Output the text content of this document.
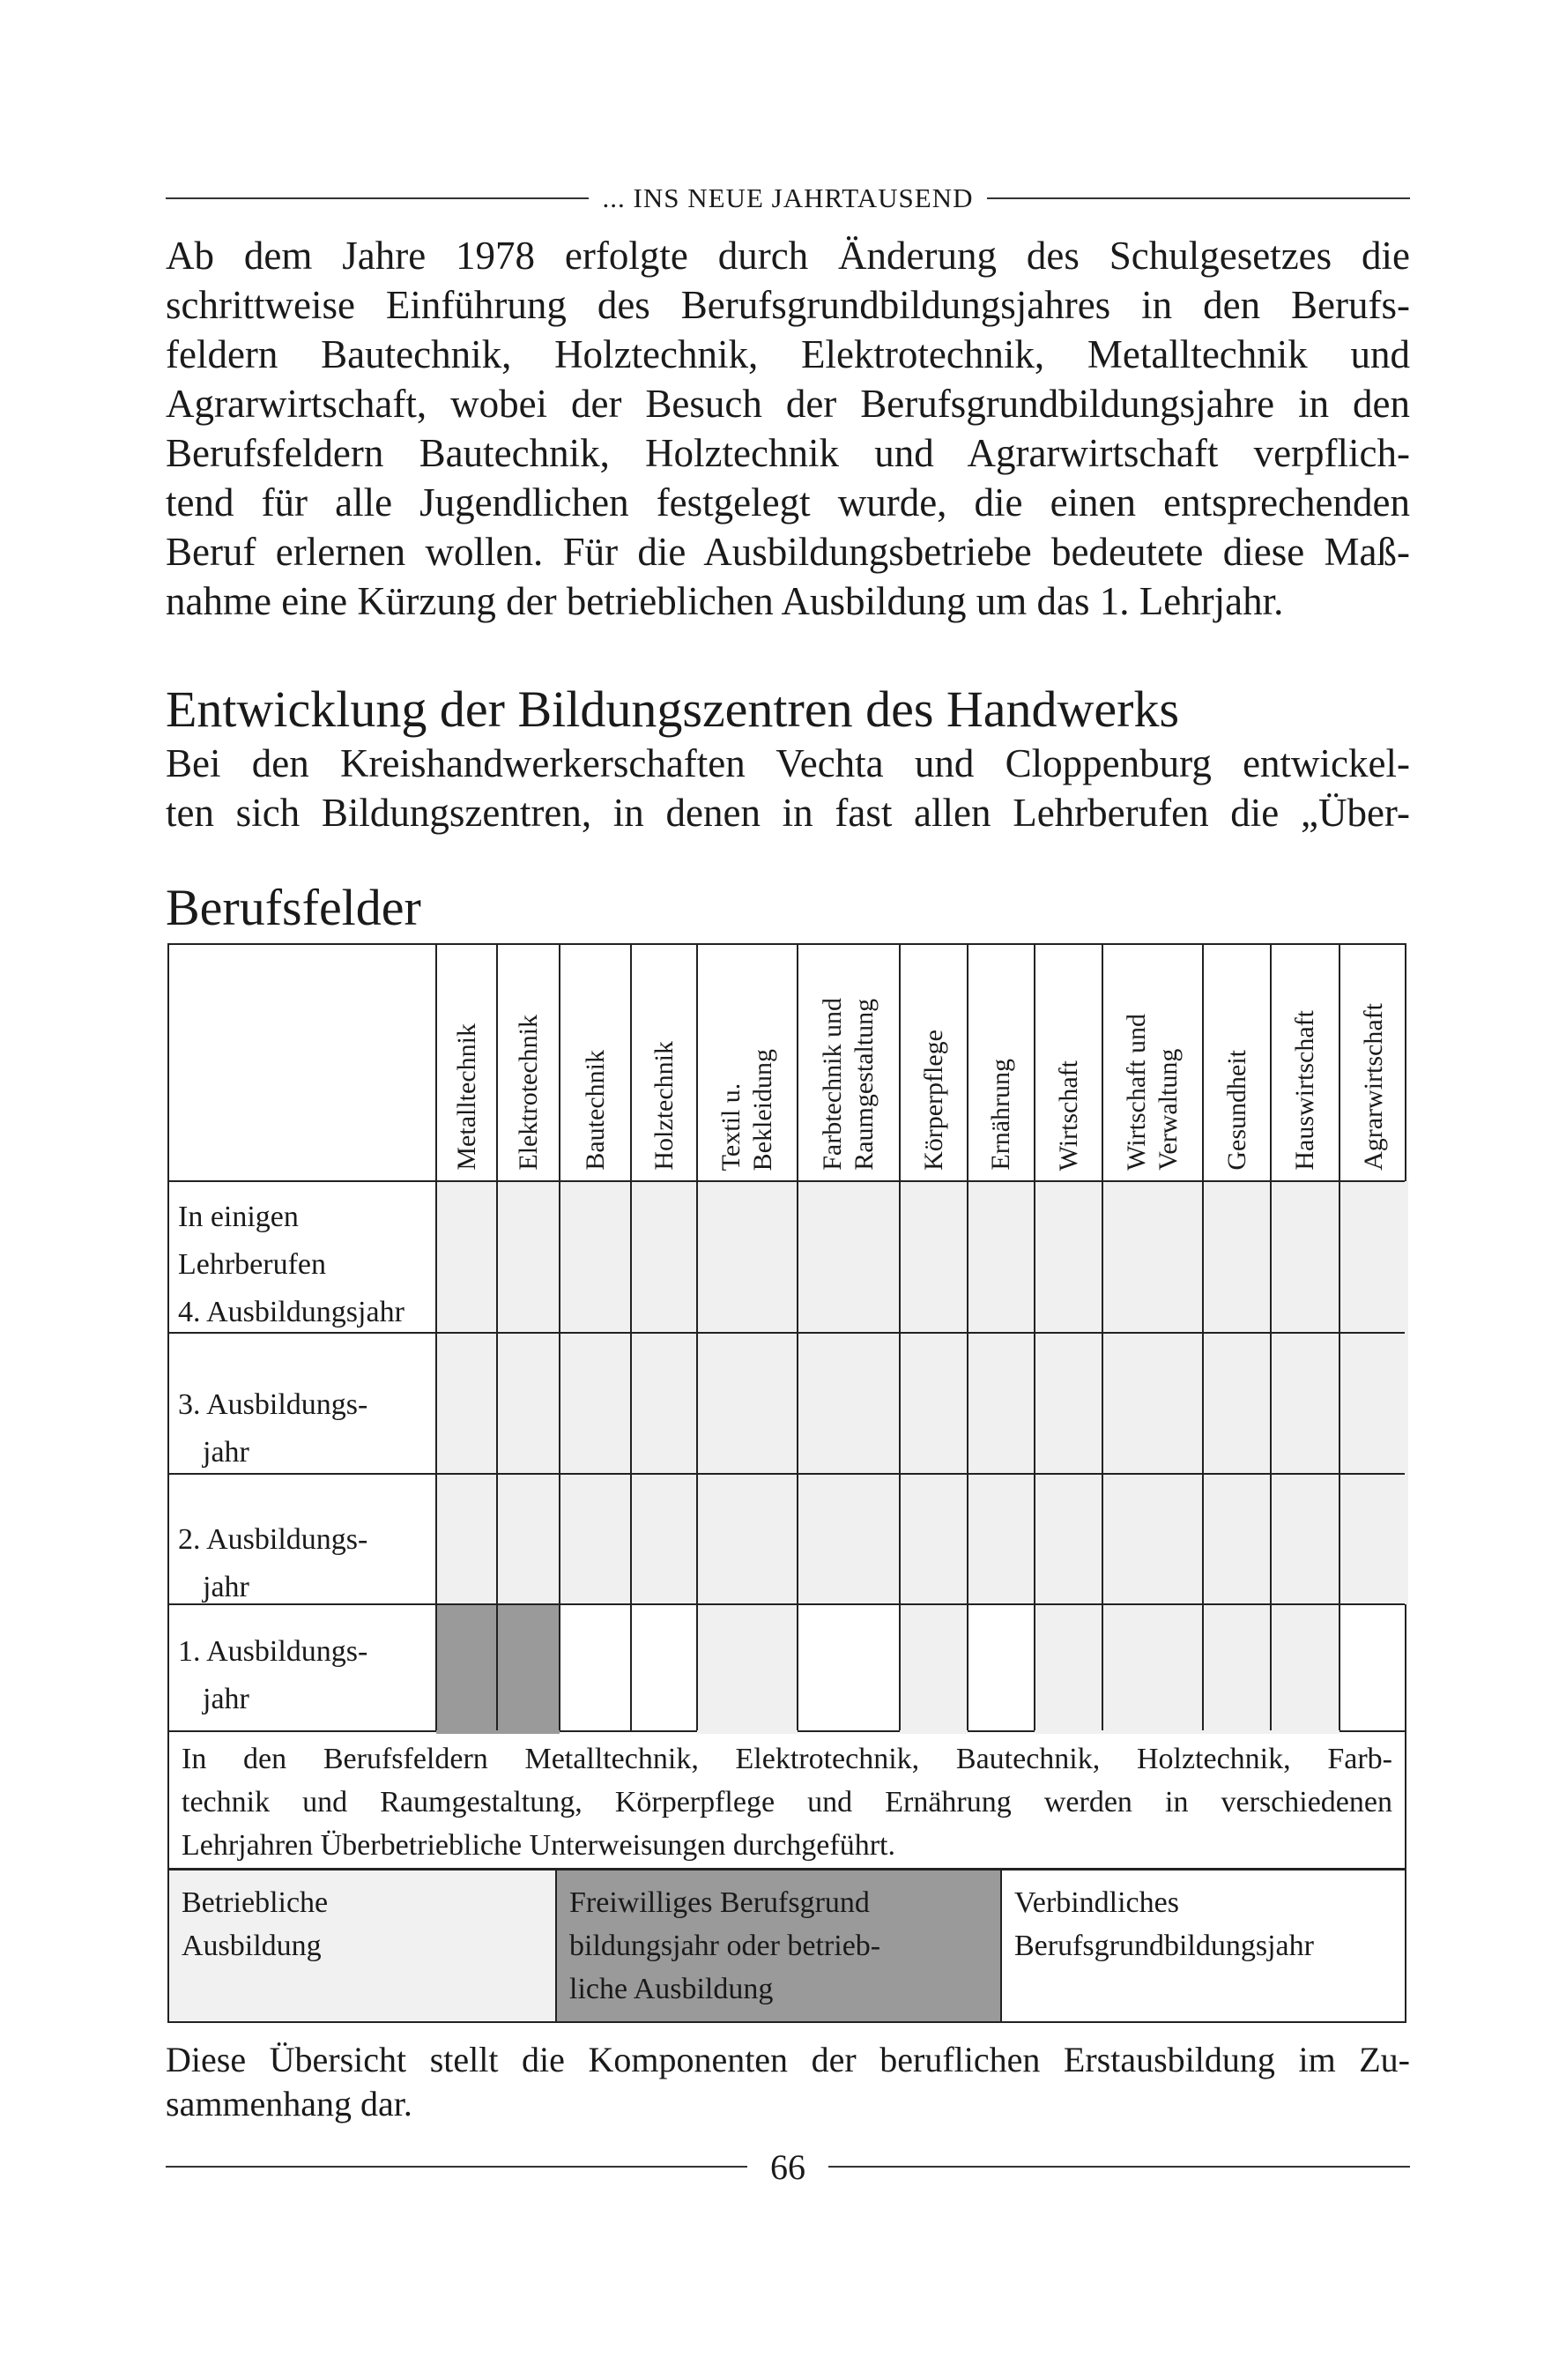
... INS NEUE JAHRTAUSEND
Ab dem Jahre 1978 erfolgte durch Änderung des Schulgesetzes die
schrittweise Einführung des Berufsgrundbildungsjahres in den Berufs-
feldern Bautechnik, Holztechnik, Elektrotechnik, Metalltechnik und
Agrarwirtschaft, wobei der Besuch der Berufsgrundbildungsjahre in den
Berufsfeldern Bautechnik, Holztechnik und Agrarwirtschaft verpflich-
tend für alle Jugendlichen festgelegt wurde, die einen entsprechenden
Beruf erlernen wollen. Für die Ausbildungsbetriebe bedeutete diese Maß-
nahme eine Kürzung der betrieblichen Ausbildung um das 1. Lehrjahr.
Entwicklung der Bildungszentren des Handwerks
Bei den Kreishandwerkerschaften Vechta und Cloppenburg entwickel-
ten sich Bildungszentren, in denen in fast allen Lehrberufen die „Über-
Berufsfelder
Metalltechnik Elektrotechnik Bautechnik Holztechnik Textil u. Bekleidung Farbtechnik und Raumgestaltung Körperpflege Ernährung Wirtschaft Wirtschaft und Verwaltung Gesundheit Hauswirtschaft Agrarwirtschaft
In einigen
Lehrberufen
4. Ausbildungsjahr
3. Ausbildungs-
jahr
2. Ausbildungs-
jahr
1. Ausbildungs-
jahr
In den Berufsfeldern Metalltechnik, Elektrotechnik, Bautechnik, Holztechnik, Farb-
technik und Raumgestaltung, Körperpflege und Ernährung werden in verschiedenen
Lehrjahren Überbetriebliche Unterweisungen durchgeführt.
Betriebliche
Ausbildung
Freiwilliges Berufsgrund
bildungsjahr oder betrieb-
liche Ausbildung
Verbindliches
Berufsgrundbildungsjahr
Diese Übersicht stellt die Komponenten der beruflichen Erstausbildung im Zu-
sammenhang dar.
66
